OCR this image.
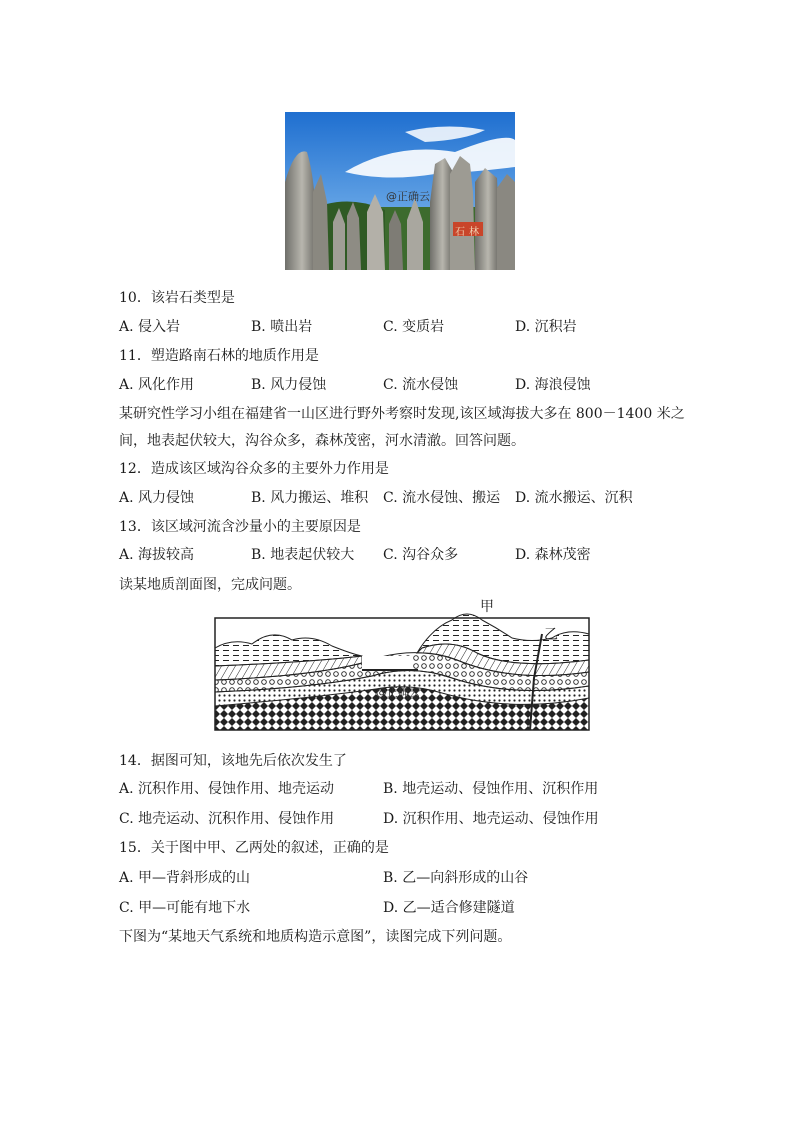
@正确云
石林
10．该岩石类型是
A. 侵入岩	B. 喷出岩	C. 变质岩	D. 沉积岩
11．塑造路南石林的地质作用是
A. 风化作用	B. 风力侵蚀	C. 流水侵蚀	D. 海浪侵蚀
某研究性学习小组在福建省一山区进行野外考察时发现,该区域海拔大多在 800－1400 米之
间，地表起伏较大，沟谷众多，森林茂密，河水清澈。回答问题。
12．造成该区域沟谷众多的主要外力作用是
A. 风力侵蚀	B. 风力搬运、堆积 C. 流水侵蚀、搬运 D. 流水搬运、沉积
13．该区域河流含沙量小的主要原因是
A. 海拔较高	B. 地表起伏较大 C. 沟谷众多	D. 森林茂密
读某地质剖面图，完成问题。
甲
乙
@正确云
14．据图可知，该地先后依次发生了
A. 沉积作用、侵蚀作用、地壳运动	B. 地壳运动、侵蚀作用、沉积作用
C. 地壳运动、沉积作用、侵蚀作用	D. 沉积作用、地壳运动、侵蚀作用
15．关于图中甲、乙两处的叙述，正确的是
A. 甲—背斜形成的山	B. 乙—向斜形成的山谷
C. 甲—可能有地下水	D. 乙—适合修建隧道
下图为“某地天气系统和地质构造示意图”，读图完成下列问题。
